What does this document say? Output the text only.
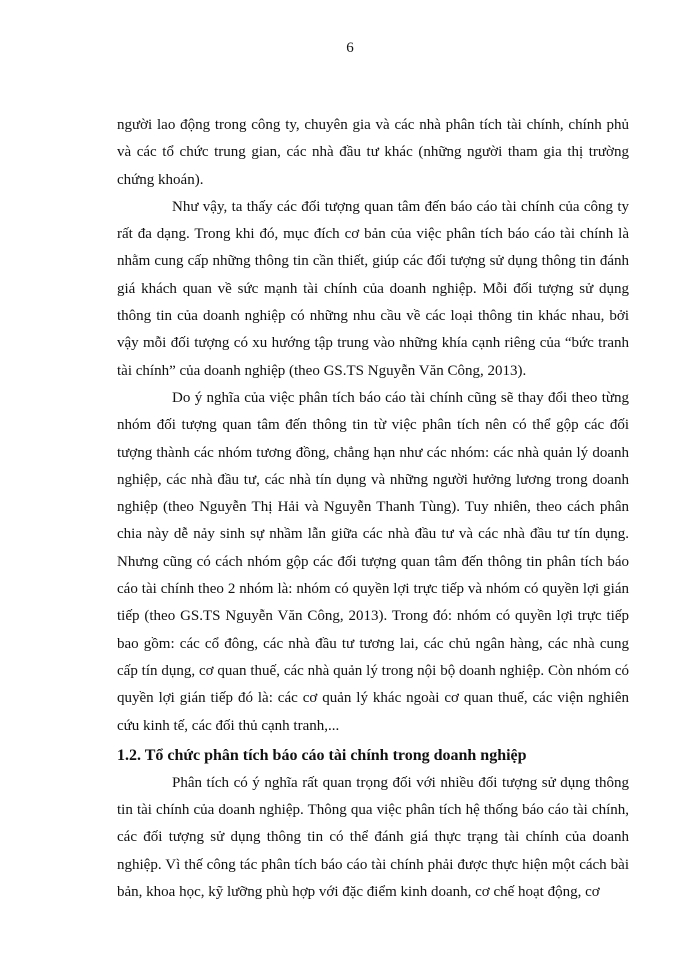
6

người lao động trong công ty, chuyên gia và các nhà phân tích tài chính, chính phủ và các tổ chức trung gian, các nhà đầu tư khác (những người tham gia thị trường chứng khoán).

Như vậy, ta thấy các đối tượng quan tâm đến báo cáo tài chính của công ty rất đa dạng. Trong khi đó, mục đích cơ bản của việc phân tích báo cáo tài chính là nhằm cung cấp những thông tin cần thiết, giúp các đối tượng sử dụng thông tin đánh giá khách quan về sức mạnh tài chính của doanh nghiệp. Mỗi đối tượng sử dụng thông tin của doanh nghiệp có những nhu cầu về các loại thông tin khác nhau, bởi vậy mỗi đối tượng có xu hướng tập trung vào những khía cạnh riêng của “bức tranh tài chính” của doanh nghiệp (theo GS.TS Nguyễn Văn Công, 2013).

Do ý nghĩa của việc phân tích báo cáo tài chính cũng sẽ thay đổi theo từng nhóm đối tượng quan tâm đến thông tin từ việc phân tích nên có thể gộp các đối tượng thành các nhóm tương đồng, chẳng hạn như các nhóm: các nhà quản lý doanh nghiệp, các nhà đầu tư, các nhà tín dụng và những người hưởng lương trong doanh nghiệp (theo Nguyễn Thị Hải và Nguyễn Thanh Tùng). Tuy nhiên, theo cách phân chia này dễ nảy sinh sự nhầm lẫn giữa các nhà đầu tư và các nhà đầu tư tín dụng. Nhưng cũng có cách nhóm gộp các đối tượng quan tâm đến thông tin phân tích báo cáo tài chính theo 2 nhóm là: nhóm có quyền lợi trực tiếp và nhóm có quyền lợi gián tiếp (theo GS.TS Nguyễn Văn Công, 2013). Trong đó: nhóm có quyền lợi trực tiếp bao gồm: các cổ đông, các nhà đầu tư tương lai, các chủ ngân hàng, các nhà cung cấp tín dụng, cơ quan thuế, các nhà quản lý trong nội bộ doanh nghiệp. Còn nhóm có quyền lợi gián tiếp đó là: các cơ quản lý khác ngoài cơ quan thuế, các viện nghiên cứu kinh tế, các đối thủ cạnh tranh,...

1.2. Tổ chức phân tích báo cáo tài chính trong doanh nghiệp

Phân tích có ý nghĩa rất quan trọng đối với nhiều đối tượng sử dụng thông tin tài chính của doanh nghiệp. Thông qua việc phân tích hệ thống báo cáo tài chính, các đối tượng sử dụng thông tin có thể đánh giá thực trạng tài chính của doanh nghiệp. Vì thế công tác phân tích báo cáo tài chính phải được thực hiện một cách bài bản, khoa học, kỹ lưỡng phù hợp với đặc điểm kinh doanh, cơ chế hoạt động, cơ
